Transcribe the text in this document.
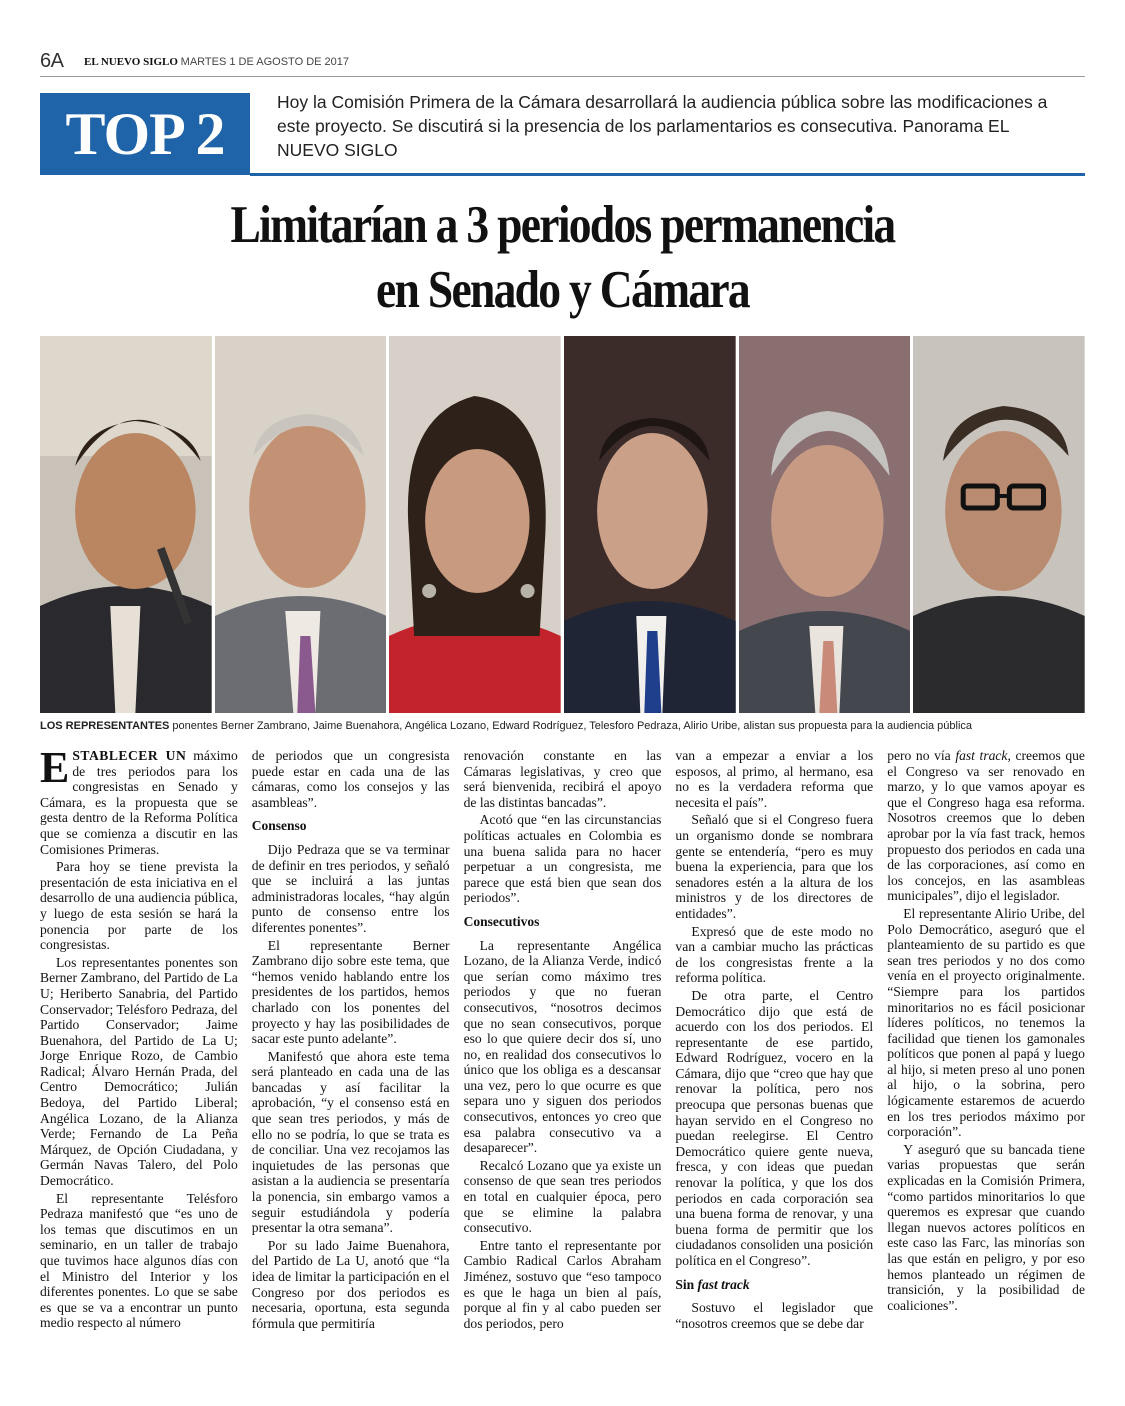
6A EL NUEVO SIGLO MARTES 1 DE AGOSTO DE 2017
TOP 2	Hoy la Comisión Primera de la Cámara desarrollará la audiencia pública sobre las modificaciones a este proyecto. Se discutirá si la presencia de los parlamentarios es consecutiva. Panorama EL NUEVO SIGLO
Limitarían a 3 periodos permanencia
en Senado y Cámara
LOS REPRESENTANTES ponentes Berner Zambrano, Jaime Buenahora, Angélica Lozano, Edward Rodríguez, Telesforo Pedraza, Alirio Uribe, alistan sus propuesta para la audiencia pública

ESTABLECER UN máximo de tres periodos para los congresistas en Senado y Cámara, es la propuesta que se gesta dentro de la Reforma Política que se comienza a discutir en las Comisiones Primeras.

Para hoy se tiene prevista la presentación de esta iniciativa en el desarrollo de una audiencia pública, y luego de esta sesión se hará la ponencia por parte de los congresistas.

Los representantes ponentes son Berner Zambrano, del Partido de La U; Heriberto Sanabria, del Partido Conservador; Telésforo Pedraza, del Partido Conservador; Jaime Buenahora, del Partido de La U; Jorge Enrique Rozo, de Cambio Radical; Álvaro Hernán Prada, del Centro Democrático; Julián Bedoya, del Partido Liberal; Angélica Lozano, de la Alianza Verde; Fernando de La Peña Márquez, de Opción Ciudadana, y Germán Navas Talero, del Polo Democrático.

El representante Telésforo Pedraza manifestó que “es uno de los temas que discutimos en un seminario, en un taller de trabajo que tuvimos hace algunos días con el Ministro del Interior y los diferentes ponentes. Lo que se sabe es que se va a encontrar un punto medio respecto al número

de periodos que un congresista puede estar en cada una de las cámaras, como los consejos y las asambleas”.

Consenso

Dijo Pedraza que se va terminar de definir en tres periodos, y señaló que se incluirá a las juntas administradoras locales, “hay algún punto de consenso entre los diferentes ponentes”.

El representante Berner Zambrano dijo sobre este tema, que “hemos venido hablando entre los presidentes de los partidos, hemos charlado con los ponentes del proyecto y hay las posibilidades de sacar este punto adelante”.

Manifestó que ahora este tema será planteado en cada una de las bancadas y así facilitar la aprobación, “y el consenso está en que sean tres periodos, y más de ello no se podría, lo que se trata es de conciliar. Una vez recojamos las inquietudes de las personas que asistan a la audiencia se presentaría la ponencia, sin embargo vamos a seguir estudiándola y podería presentar la otra semana”.

Por su lado Jaime Buenahora, del Partido de La U, anotó que “la idea de limitar la participación en el Congreso por dos periodos es necesaria, oportuna, esta segunda fórmula que permitiría

renovación constante en las Cámaras legislativas, y creo que será bienvenida, recibirá el apoyo de las distintas bancadas”.

Acotó que “en las circunstancias políticas actuales en Colombia es una buena salida para no hacer perpetuar a un congresista, me parece que está bien que sean dos periodos”.

Consecutivos

La representante Angélica Lozano, de la Alianza Verde, indicó que serían como máximo tres periodos y que no fueran consecutivos, “nosotros decimos que no sean consecutivos, porque eso lo que quiere decir dos sí, uno no, en realidad dos consecutivos lo único que los obliga es a descansar una vez, pero lo que ocurre es que separa uno y siguen dos periodos consecutivos, entonces yo creo que esa palabra consecutivo va a desaparecer”.

Recalcó Lozano que ya existe un consenso de que sean tres periodos en total en cualquier época, pero que se elimine la palabra consecutivo.

Entre tanto el representante por Cambio Radical Carlos Abraham Jiménez, sostuvo que “eso tampoco es que le haga un bien al país, porque al fin y al cabo pueden ser dos periodos, pero

van a empezar a enviar a los esposos, al primo, al hermano, esa no es la verdadera reforma que necesita el país”.

Señaló que si el Congreso fuera un organismo donde se nombrara gente se entendería, “pero es muy buena la experiencia, para que los senadores estén a la altura de los ministros y de los directores de entidades”.

Expresó que de este modo no van a cambiar mucho las prácticas de los congresistas frente a la reforma política.

De otra parte, el Centro Democrático dijo que está de acuerdo con los dos periodos. El representante de ese partido, Edward Rodríguez, vocero en la Cámara, dijo que “creo que hay que renovar la política, pero nos preocupa que personas buenas que hayan servido en el Congreso no puedan reelegirse. El Centro Democrático quiere gente nueva, fresca, y con ideas que puedan renovar la política, y que los dos periodos en cada corporación sea una buena forma de renovar, y una buena forma de permitir que los ciudadanos consoliden una posición política en el Congreso”.

Sin fast track

Sostuvo el legislador que “nosotros creemos que se debe dar

pero no vía fast track, creemos que el Congreso va ser renovado en marzo, y lo que vamos apoyar es que el Congreso haga esa reforma. Nosotros creemos que lo deben aprobar por la vía fast track, hemos propuesto dos periodos en cada una de las corporaciones, así como en los concejos, en las asambleas municipales”, dijo el legislador.

El representante Alirio Uribe, del Polo Democrático, aseguró que el planteamiento de su partido es que sean tres periodos y no dos como venía en el proyecto originalmente. “Siempre para los partidos minoritarios no es fácil posicionar líderes políticos, no tenemos la facilidad que tienen los gamonales políticos que ponen al papá y luego al hijo, si meten preso al uno ponen al hijo, o la sobrina, pero lógicamente estaremos de acuerdo en los tres periodos máximo por corporación”.

Y aseguró que su bancada tiene varias propuestas que serán explicadas en la Comisión Primera, “como partidos minoritarios lo que queremos es expresar que cuando llegan nuevos actores políticos en este caso las Farc, las minorías son las que están en peligro, y por eso hemos planteado un régimen de transición, y la posibilidad de coaliciones”.
